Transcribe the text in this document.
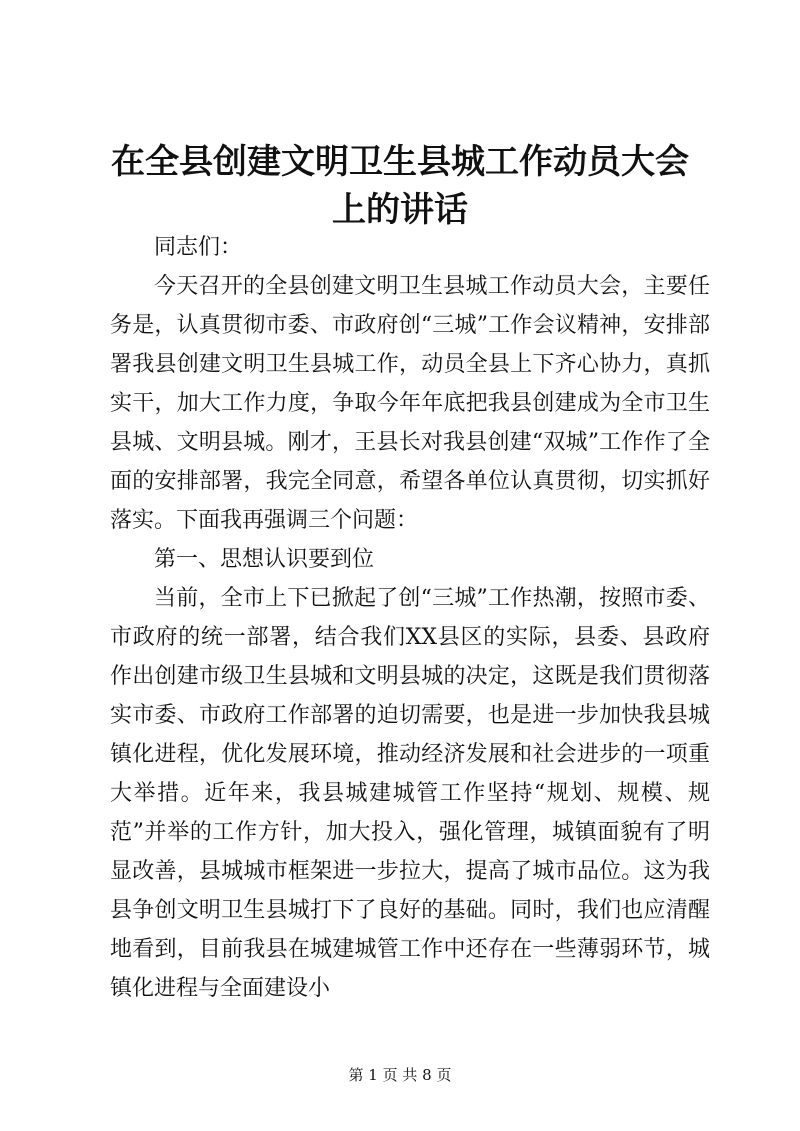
在全县创建文明卫生县城工作动员大会上的讲话

同志们：

今天召开的全县创建文明卫生县城工作动员大会，主要任务是，认真贯彻市委、市政府创“三城”工作会议精神，安排部署我县创建文明卫生县城工作，动员全县上下齐心协力，真抓实干，加大工作力度，争取今年年底把我县创建成为全市卫生县城、文明县城。刚才，王县长对我县创建“双城”工作作了全面的安排部署，我完全同意，希望各单位认真贯彻，切实抓好落实。下面我再强调三个问题：

第一、思想认识要到位

当前，全市上下已掀起了创“三城”工作热潮，按照市委、市政府的统一部署，结合我们XX县区的实际，县委、县政府作出创建市级卫生县城和文明县城的决定，这既是我们贯彻落实市委、市政府工作部署的迫切需要，也是进一步加快我县城镇化进程，优化发展环境，推动经济发展和社会进步的一项重大举措。近年来，我县城建城管工作坚持“规划、规模、规范”并举的工作方针，加大投入，强化管理，城镇面貌有了明显改善，县城城市框架进一步拉大，提高了城市品位。这为我县争创文明卫生县城打下了良好的基础。同时，我们也应清醒地看到，目前我县在城建城管工作中还存在一些薄弱环节，城镇化进程与全面建设小

第 1 页 共 8 页
